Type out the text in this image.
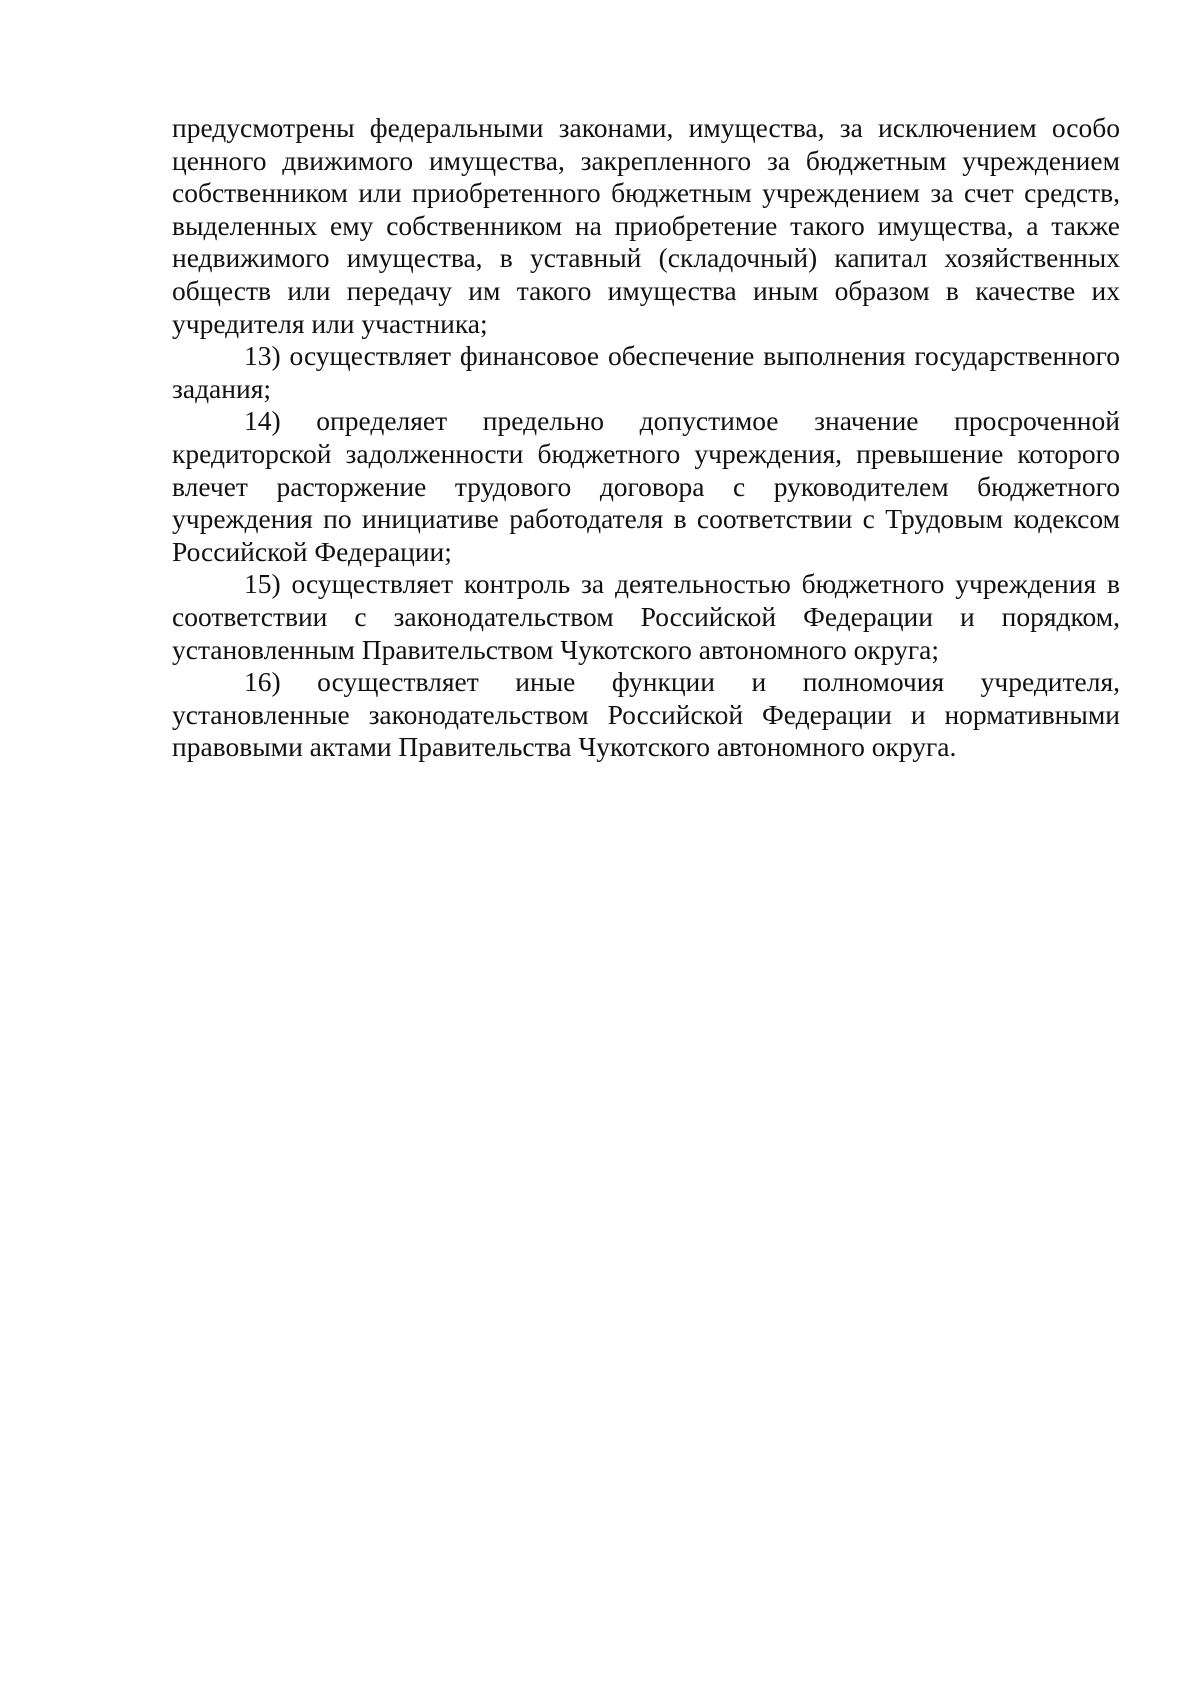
предусмотрены федеральными законами, имущества, за исключением особо ценного движимого имущества, закрепленного за бюджетным учреждением собственником или приобретенного бюджетным учреждением за счет средств, выделенных ему собственником на приобретение такого имущества, а также недвижимого имущества, в уставный (складочный) капитал хозяйственных обществ или передачу им такого имущества иным образом в качестве их учредителя или участника;

13) осуществляет финансовое обеспечение выполнения государственного задания;

14) определяет предельно допустимое значение просроченной кредиторской задолженности бюджетного учреждения, превышение которого влечет расторжение трудового договора с руководителем бюджетного учреждения по инициативе работодателя в соответствии с Трудовым кодексом Российской Федерации;

15) осуществляет контроль за деятельностью бюджетного учреждения в соответствии с законодательством Российской Федерации и порядком, установленным Правительством Чукотского автономного округа;

16) осуществляет иные функции и полномочия учредителя, установленные законодательством Российской Федерации и нормативными правовыми актами Правительства Чукотского автономного округа.
